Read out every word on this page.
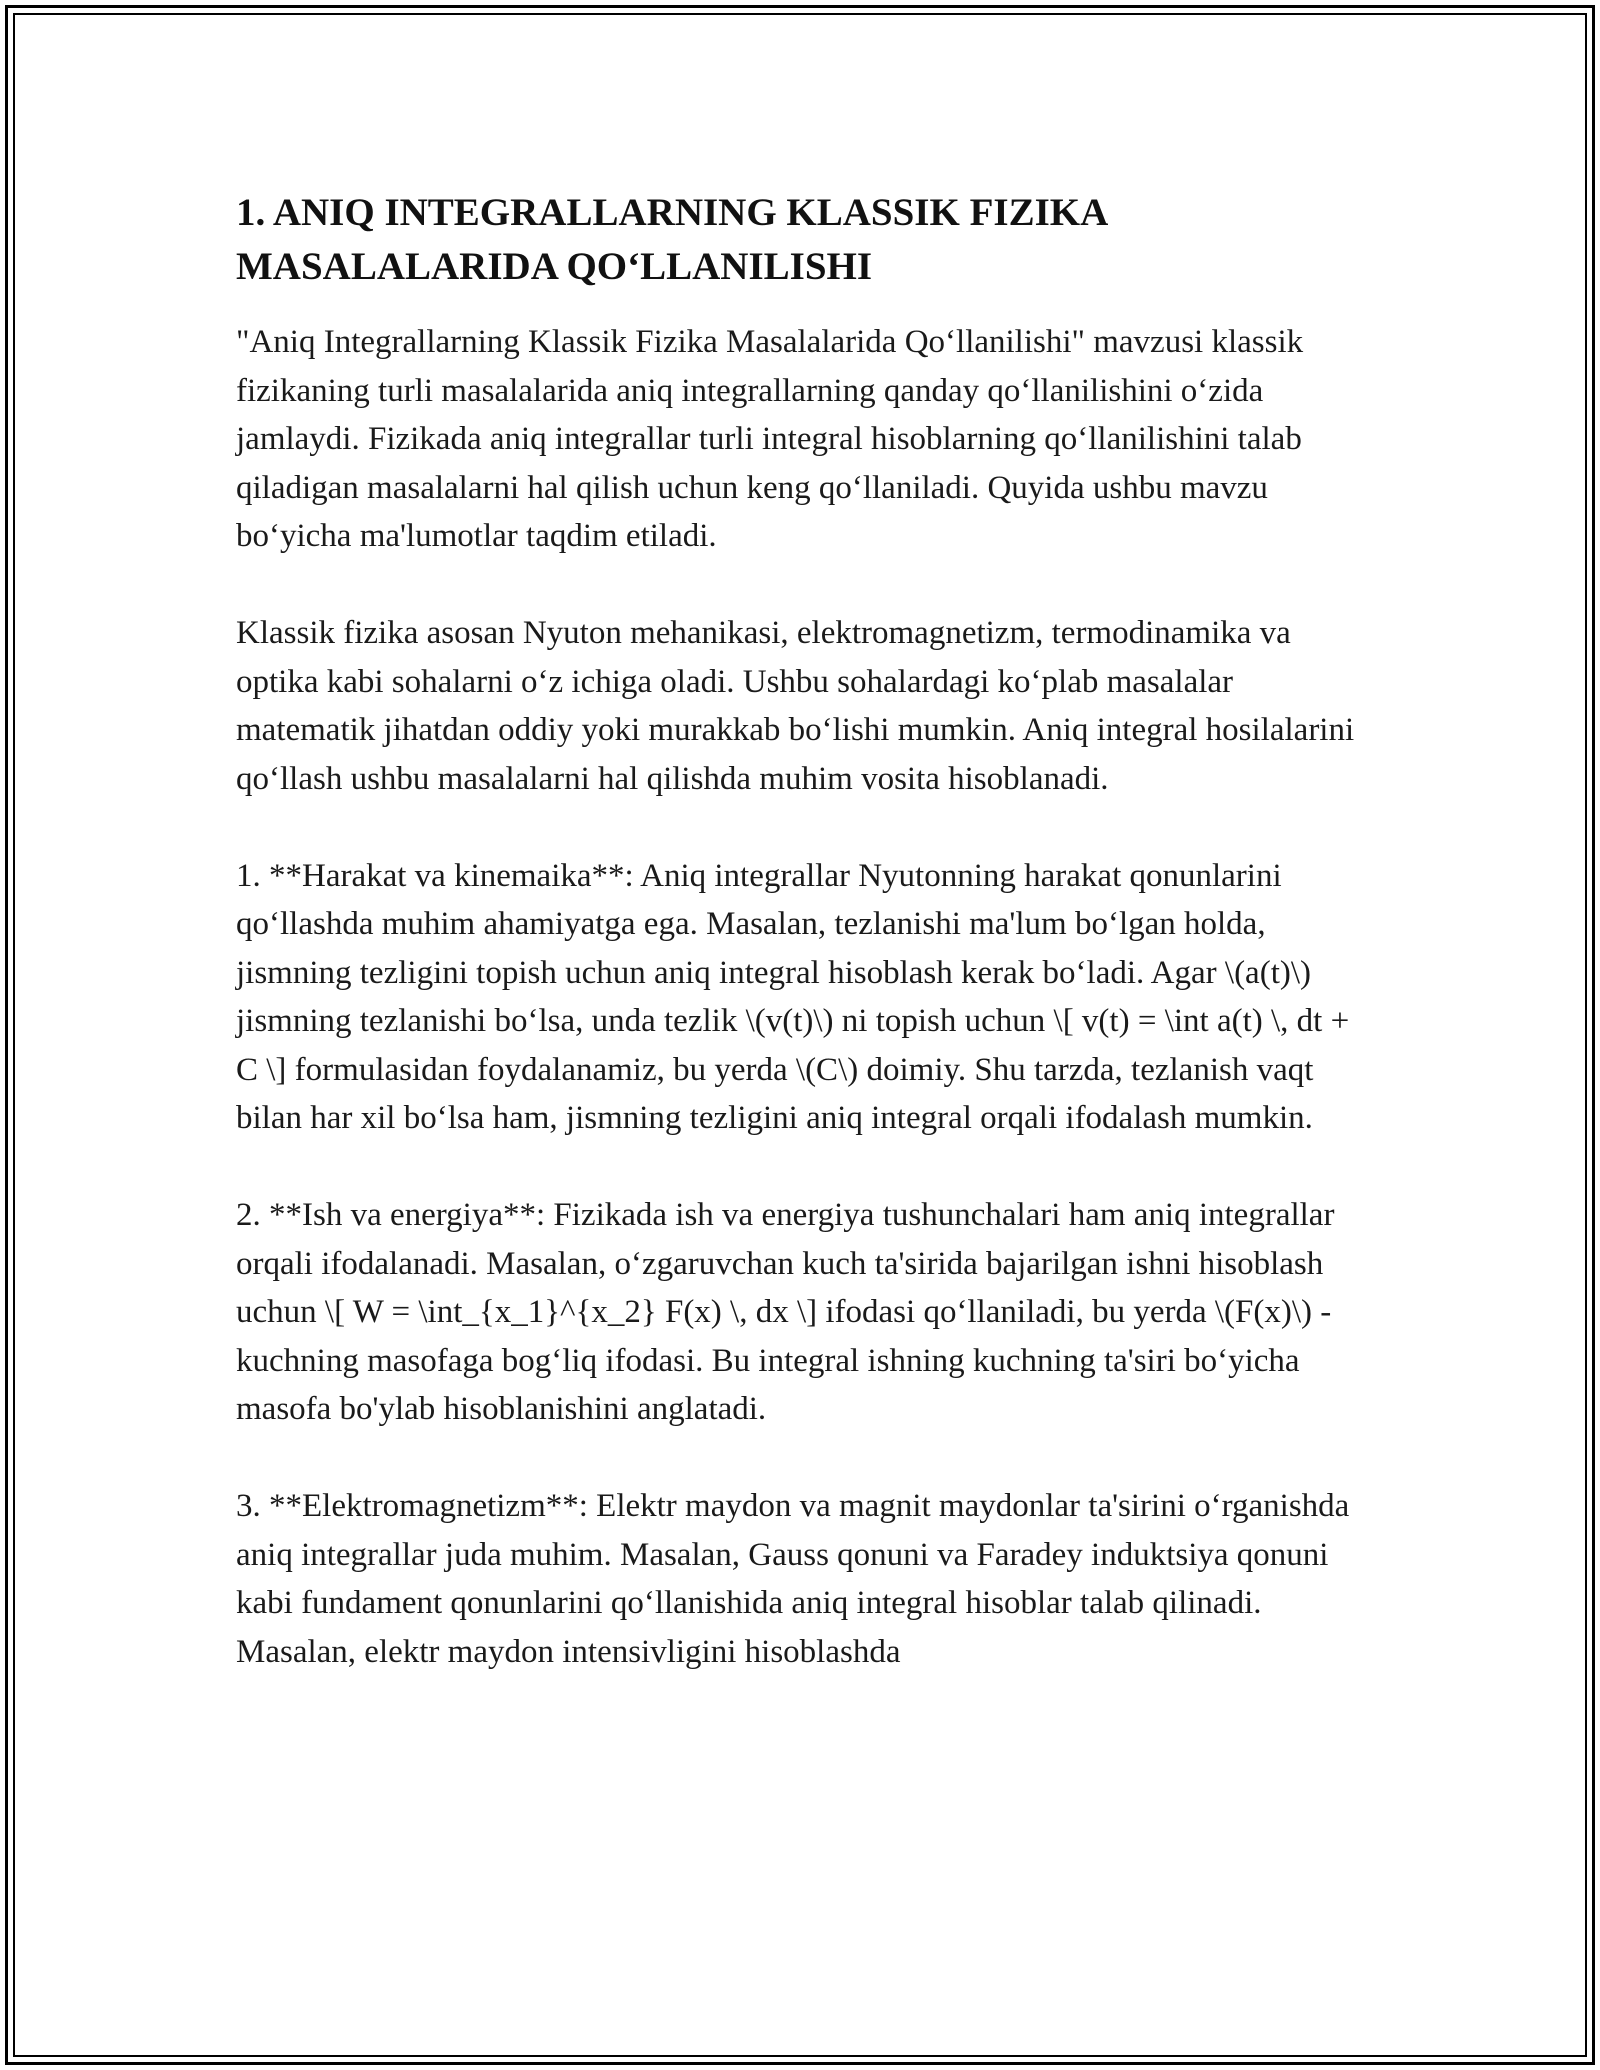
1. ANIQ INTEGRALLARNING KLASSIK FIZIKA
MASALALARIDA QO‘LLANILISHI

"Aniq Integrallarning Klassik Fizika Masalalarida Qo‘llanilishi" mavzusi klassik fizikaning turli masalalarida aniq integrallarning qanday qo‘llanilishini o‘zida jamlaydi. Fizikada aniq integrallar turli integral hisoblarning qo‘llanilishini talab qiladigan masalalarni hal qilish uchun keng qo‘llaniladi. Quyida ushbu mavzu bo‘yicha ma'lumotlar taqdim etiladi.

Klassik fizika asosan Nyuton mehanikasi, elektromagnetizm, termodinamika va optika kabi sohalarni o‘z ichiga oladi. Ushbu sohalardagi ko‘plab masalalar matematik jihatdan oddiy yoki murakkab bo‘lishi mumkin. Aniq integral hosilalarini qo‘llash ushbu masalalarni hal qilishda muhim vosita hisoblanadi.

1. **Harakat va kinemaika**: Aniq integrallar Nyutonning harakat qonunlarini qo‘llashda muhim ahamiyatga ega. Masalan, tezlanishi ma'lum bo‘lgan holda, jismning tezligini topish uchun aniq integral hisoblash kerak bo‘ladi. Agar \(a(t)\) jismning tezlanishi bo‘lsa, unda tezlik \(v(t)\) ni topish uchun \[ v(t) = \int a(t) \, dt + C \] formulasidan foydalanamiz, bu yerda \(C\) doimiy. Shu tarzda, tezlanish vaqt bilan har xil bo‘lsa ham, jismning tezligini aniq integral orqali ifodalash mumkin.

2. **Ish va energiya**: Fizikada ish va energiya tushunchalari ham aniq integrallar orqali ifodalanadi. Masalan, o‘zgaruvchan kuch ta'sirida bajarilgan ishni hisoblash uchun \[ W = \int_{x_1}^{x_2} F(x) \, dx \] ifodasi qo‘llaniladi, bu yerda \(F(x)\) - kuchning masofaga bog‘liq ifodasi. Bu integral ishning kuchning ta'siri bo‘yicha masofa bo'ylab hisoblanishini anglatadi.

3. **Elektromagnetizm**: Elektr maydon va magnit maydonlar ta'sirini o‘rganishda aniq integrallar juda muhim. Masalan, Gauss qonuni va Faradey induktsiya qonuni kabi fundament qonunlarini qo‘llanishida aniq integral hisoblar talab qilinadi. Masalan, elektr maydon intensivligini hisoblashda
